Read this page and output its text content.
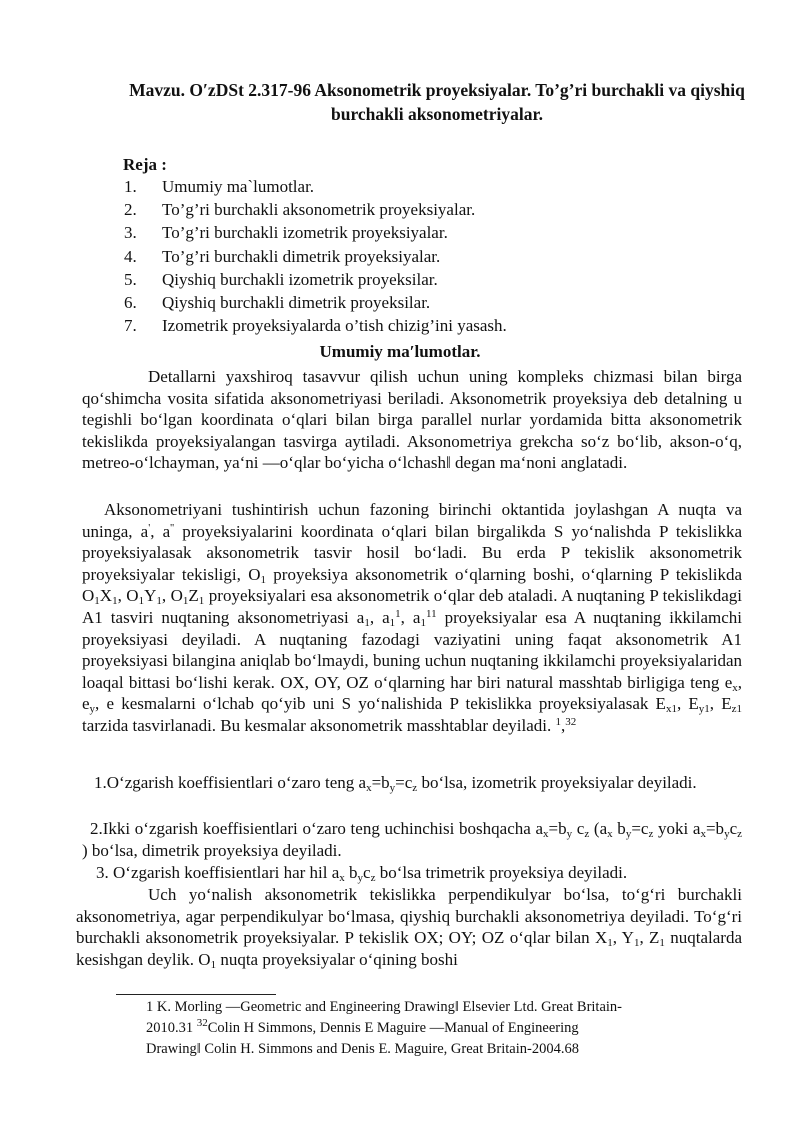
Mavzu. O′zDSt 2.317-96 Aksonometrik proyeksiyalar. To’g’ri burchakli va qiyshiq burchakli aksonometriyalar.
Reja :
1. Umumiy ma`lumotlar.
2. To’g’ri burchakli aksonometrik proyeksiyalar.
3. To’g’ri burchakli izometrik proyeksiyalar.
4. To’g’ri burchakli dimetrik proyeksiyalar.
5. Qiyshiq burchakli izometrik proyeksilar.
6. Qiyshiq burchakli dimetrik proyeksilar.
7. Izometrik proyeksiyalarda o’tish chizig’ini yasash.
Umumiy ma′lumotlar.
Detallarni yaxshiroq tasavvur qilish uchun uning kompleks chizmasi bilan birga qo‘shimcha vosita sifatida aksonometriyasi beriladi. Aksonometrik proyeksiya deb detalning u tegishli bo‘lgan koordinata o‘qlari bilan birga parallel nurlar yordamida bitta aksonometrik tekislikda proyeksiyalangan tasvirga aytiladi. Aksonometriya grekcha so‘z bo‘lib, akson-o‘q, metreo-o‘lchayman, ya‘ni ―o‘qlar bo‘yicha o‘lchash‖ degan ma‘noni anglatadi.
Aksonometriyani tushintirish uchun fazoning birinchi oktantida joylashgan A nuqta va uninga, a', a'' proyeksiyalarini koordinata o‘qlari bilan birgalikda S yo‘nalishda P tekislikka proyeksiyalasak aksonometrik tasvir hosil bo‘ladi. Bu erda P tekislik aksonometrik proyeksiyalar tekisligi, $O_1$ proyeksiya aksonometrik o‘qlarning boshi, o‘qlarning P tekislikda $O_1X_1$, $O_1Y_1$, $O_1Z_1$ proyeksiyalari esa aksonometrik o‘qlar deb ataladi. A nuqtaning P tekislikdagi A1 tasviri nuqtaning aksonometriyasi $a_1$, $a_1^1$, $a_1^{11}$ proyeksiyalar esa A nuqtaning ikkilamchi proyeksiyasi deyiladi. A nuqtaning fazodagi vaziyatini uning faqat aksonometrik A1 proyeksiyasi bilangina aniqlab bo‘lmaydi, buning uchun nuqtaning ikkilamchi proyeksiyalaridan loaqal bittasi bo‘lishi kerak. OX, OY, OZ o‘qlarning har biri natural masshtab birligiga teng $e_x$, $e_y$, e kesmalarni o‘lchab qo‘yib uni S yo‘nalishida P tekislikka proyeksiyalasak $E_{x1}$, $E_{y1}$, $E_{z1}$ tarzida tasvirlanadi. Bu kesmalar aksonometrik masshtablar deyiladi. $^1$,$^{32}$
1.O‘zgarish koeffisientlari o‘zaro teng $a_x=b_y=c_z$ bo‘lsa, izometrik proyeksiyalar deyiladi.
2.Ikki o‘zgarish koeffisientlari o‘zaro teng uchinchisi boshqacha $a_x=b_y$ $c_z$ ($a_x$ $b_y=c_z$ yoki $a_x=b_yc_z$ ) bo‘lsa, dimetrik proyeksiya deyiladi.
3. O‘zgarish koeffisientlari har hil $a_x$ $b_yc_z$ bo‘lsa trimetrik proyeksiya deyiladi.
Uch yo‘nalish aksonometrik tekislikka perpendikulyar bo‘lsa, to‘g‘ri burchakli aksonometriya, agar perpendikulyar bo‘lmasa, qiyshiq burchakli aksonometriya deyiladi. To‘g‘ri burchakli aksonometrik proyeksiyalar. P tekislik OX; OY; OZ o‘qlar bilan $X_1$, $Y_1$, $Z_1$ nuqtalarda kesishgan deylik. $O_1$ nuqta proyeksiyalar o‘qining boshi
1 K. Morling ―Geometric and Engineering Drawing‖ Elsevier Ltd. Great Britain-
2010.31 $^{32}$Colin H Simmons, Dennis E Maguire ―Manual of Engineering
Drawing‖ Colin H. Simmons and Denis E. Maguire, Great Britain-2004.68
